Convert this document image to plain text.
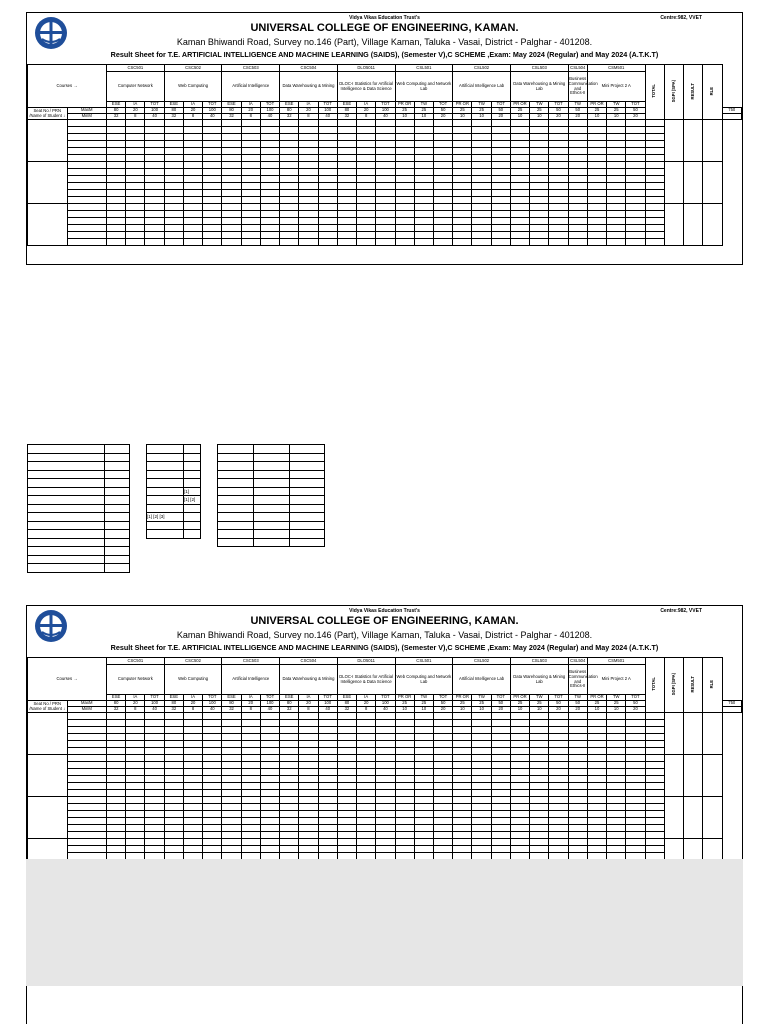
Vidya Vikas Education Trust's	Centre:982, VVET
UNIVERSAL COLLEGE OF ENGINEERING, KAMAN.
Kaman Bhiwandi Road, Survey no.146 (Part), Village Kaman, Taluka - Vasai, District - Palghar - 401208.
Result Sheet for T.E. ARTIFICIAL INTELLIGENCE AND MACHINE LEARNING (SAIDS), (Semester V),C SCHEME ,Exam: May 2024 (Regular) and May 2024 (A.T.K.T)
Courses →		CSC501			CSC502			CSC503			CSC504			DLO5011			CSL501			CSL502			CSL503			CSL504	CSM501			TOTAL	SGPI (SPA)	RESULT	RLE	
		Computer Network			Web Computing			Artificial Intelligence			Data Warehousing & Mining			DLOC-I Statistics for Artificial Intelligence & Data Science			Web Computing and Network Lab			Artificial Intelligence Lab			Data Warehousing & Mining Lab			Business Communication and Ethics-II	Mini Project 2 A							
		ESE	IA	TOT	ESE	IA	TOT	ESE	IA	TOT	ESE	IA	TOT	ESE	IA	TOT	PR OR	TW	TOT	PR OR	TW	TOT	PR OR	TW	TOT	TW	PR OR	TW	TOT					
Seat No / PRN /Name of Student ↓	MaxM	80	20	100	80	20	100	80	20	100	80	20	100	80	20	100	25	25	50	25	25	50	25	25	50	50	25	25	50					750
	MinM	32	8	40	32	8	40	32	8	40	32	8	40	32	8	40	10	10	20	10	10	20	10	10	20	20	10	10	20					

	[1]
	[1] [2]

[1] [2] [3]	

Vidya Vikas Education Trust's	Centre:982, VVET
UNIVERSAL COLLEGE OF ENGINEERING, KAMAN.
Kaman Bhiwandi Road, Survey no.146 (Part), Village Kaman, Taluka - Vasai, District - Palghar - 401208.
Result Sheet for T.E. ARTIFICIAL INTELLIGENCE AND MACHINE LEARNING (SAIDS), (Semester V),C SCHEME ,Exam: May 2024 (Regular) and May 2024 (A.T.K.T)
Courses →		CSC501			CSC502			CSC503			CSC504			DLO5011			CSL501			CSL502			CSL503			CSL504	CSM501			TOTAL	SGPI (SPA)	RESULT	RLE	
		Computer Network			Web Computing			Artificial Intelligence			Data Warehousing & Mining			DLOC-I Statistics for Artificial Intelligence & Data Science			Web Computing and Network Lab			Artificial Intelligence Lab			Data Warehousing & Mining Lab			Business Communication and Ethics-II	Mini Project 2 A							
		ESE	IA	TOT	ESE	IA	TOT	ESE	IA	TOT	ESE	IA	TOT	ESE	IA	TOT	PR OR	TW	TOT	PR OR	TW	TOT	PR OR	TW	TOT	TW	PR OR	TW	TOT					
Seat No / PRN /Name of Student ↓	MaxM	80	20	100	80	20	100	80	20	100	80	20	100	80	20	100	25	25	50	25	25	50	25	25	50	50	25	25	50					750
	MinM	32	8	40	32	8	40	32	8	40	32	8	40	32	8	40	10	10	20	10	10	20	10	10	20	20	10	10	20					
